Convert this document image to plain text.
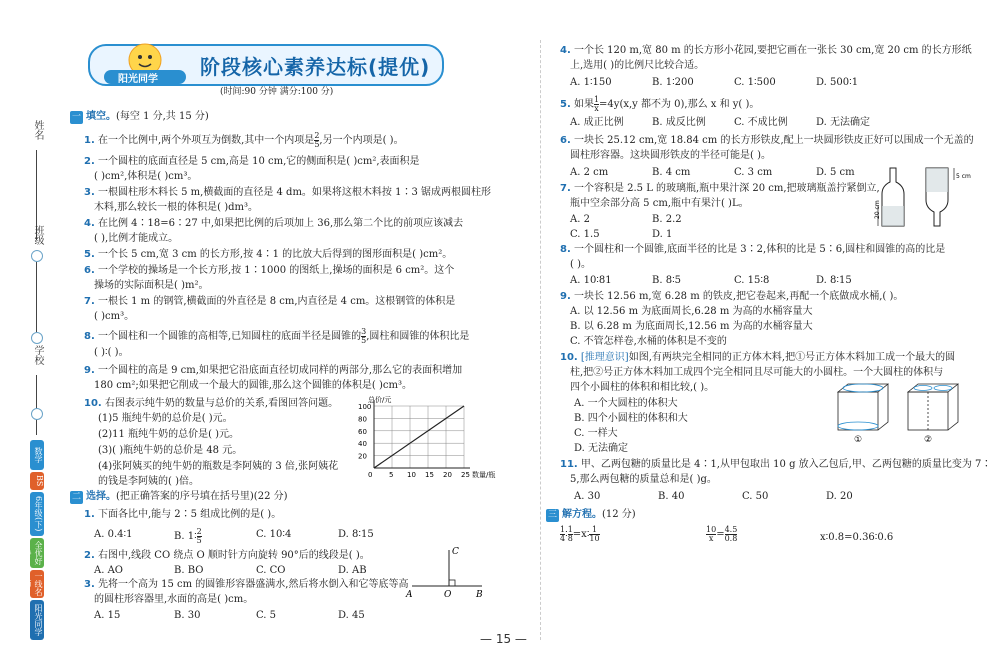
姓名
班级
学校
数学
BS
6年级(下)
全优好卷
一线名师
阳光同学
阳光同学
阶段核心素养达标(提优)
(时间:90 分钟 满分:100 分)
一 填空。(每空 1 分,共 15 分)
1. 在一个比例中,两个外项互为倒数,其中一个内项是 $\frac{2}{5}$ ,另一个内项是( )。
2. 一个圆柱的底面直径是 5 cm,高是 10 cm,它的侧面积是( )cm²,表面积是
( )cm²,体积是( )cm³。
3. 一根圆柱形木料长 5 m,横截面的直径是 4 dm。如果将这根木料按 1∶3 锯成两根圆柱形
木料,那么较长一根的体积是( )dm³。
4. 在比例 4∶18=6∶27 中,如果把比例的后项加上 36,那么第二个比的前项应该减去
( ),比例才能成立。
5. 一个长 5 cm,宽 3 cm 的长方形,按 4∶1 的比放大后得到的图形面积是( )cm²。
6. 一个学校的操场是一个长方形,按 1∶1000 的图纸上,操场的面积是 6 cm²。这个
操场的实际面积是( )m²。
7. 一根长 1 m 的钢管,横截面的外直径是 8 cm,内直径是 4 cm。这根钢管的体积是
( )cm³。
8. 一个圆柱和一个圆锥的高相等,已知圆柱的底面半径是圆锥的 $\frac{3}{5}$ ,圆柱和圆锥的体积比是
( )∶( )。
9. 一个圆柱的高是 9 cm,如果把它沿底面直径切成同样的两部分,那么它的表面积增加
180 cm²;如果把它削成一个最大的圆锥,那么这个圆锥的体积是( )cm³。
10. 右图表示纯牛奶的数量与总价的关系,看图回答问题。
(1)5 瓶纯牛奶的总价是( )元。
(2)11 瓶纯牛奶的总价是( )元。
(3)( )瓶纯牛奶的总价是 48 元。
(4)张阿姨买的纯牛奶的瓶数是李阿姨的 3 倍,张阿姨花
的钱是李阿姨的( )倍。
5 10 15 20 25
20
40
60
80
100
0
总价/元
数量/瓶
二 选择。(把正确答案的序号填在括号里)(22 分)
1. 下面各比中,能与 2∶5 组成比例的是( )。
A. 0.4∶1	B. 1∶ $\frac{2}{5}$	C. 10∶4	D. 8∶15
2. 右图中,线段 CO 绕点 O 顺时针方向旋转 90°后的线段是( )。
A. AO	B. BO	C. CO	D. AB
A	O	B
C
3. 先将一个高为 15 cm 的圆锥形容器盛满水,然后将水倒入和它等底等高
的圆柱形容器里,水面的高是( )cm。
A. 15	B. 30	C. 5	D. 45
4. 一个长 120 m,宽 80 m 的长方形小花园,要把它画在一张长 30 cm,宽 20 cm 的长方形纸
上,选用( )的比例尺比较合适。
A. 1∶150	B. 1∶200	C. 1∶500	D. 500∶1
5. 如果 $\frac{1}{x} =4y(x,y$ 都不为 0),那么 x 和 y( )。
A. 成正比例	B. 成反比例	C. 不成比例	D. 无法确定
6. 一块长 25.12 cm,宽 18.84 cm 的长方形铁皮,配上一块圆形铁皮正好可以围成一个无盖的
圆柱形容器。这块圆形铁皮的半径可能是( )。
A. 2 cm	B. 4 cm	C. 3 cm	D. 5 cm
7. 一个容积是 2.5 L 的玻璃瓶,瓶中果汁深 20 cm,把玻璃瓶盖拧紧倒立,
瓶中空余部分高 5 cm,瓶中有果汁( )L。
A. 2	B. 2.2
C. 1.5	D. 1
20 cm
5 cm
8. 一个圆柱和一个圆锥,底面半径的比是 3∶2,体积的比是 5∶6,圆柱和圆锥的高的比是
( )。
A. 10∶81	B. 8∶5	C. 15∶8	D. 8∶15
9. 一块长 12.56 m,宽 6.28 m 的铁皮,把它卷起来,再配一个底做成水桶,( )。
A. 以 12.56 m 为底面周长,6.28 m 为高的水桶容量大
B. 以 6.28 m 为底面周长,12.56 m 为高的水桶容量大
C. 不管怎样卷,水桶的体积是不变的
10. [推理意识]如图,有两块完全相同的正方体木料,把①号正方体木料加工成一个最大的圆
柱,把②号正方体木料加工成四个完全相同且尽可能大的小圆柱。一个大圆柱的体积与
四个小圆柱的体积和相比较,( )。
A. 一个大圆柱的体积大
B. 四个小圆柱的体积和大
C. 一样大
D. 无法确定
①	②
11. 甲、乙两包糖的质量比是 4∶1,从甲包取出 10 g 放入乙包后,甲、乙两包糖的质量比变为 7∶
5,那么两包糖的质量总和是( )g。
A. 30	B. 40	C. 50	D. 20
三 解方程。(12 分)
$\frac{1}{4}$ ∶ $\frac{1}{8}$ =x∶ $\frac{1}{10}$	$\frac{10}{x} = \frac{4.5}{0.8}$	x∶0.8=0.36∶0.6
— 15 —
